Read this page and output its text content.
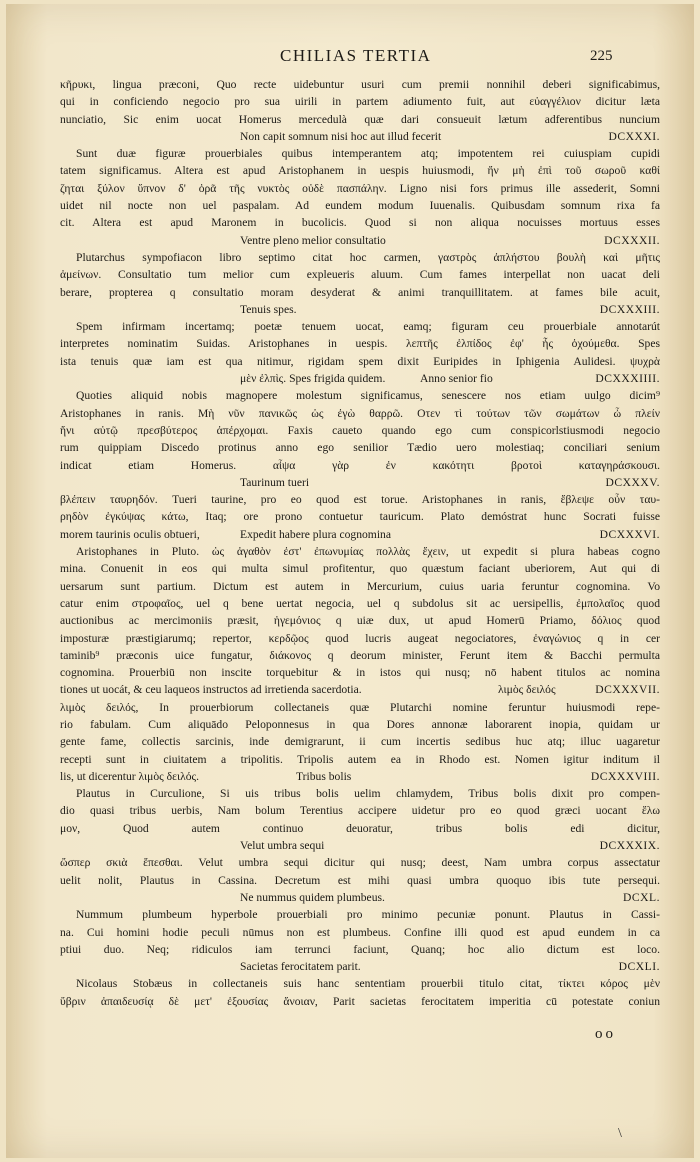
CHILIAS TERTIA	225
κῆρυκι, lingua præconi, Quo recte uidebuntur usuri cum premii nonnihil deberi significabimus,
qui in conficiendo negocio pro sua uirili in partem adiumento fuit, aut εὐαγγέλιον dicitur læta
nunciatio, Sic enim uocat Homerus mercedulà quæ dari consueuit lætum adferentibus nuncium
Non capit somnum nisi hoc aut illud fecerit	DCXXXI.
Sunt duæ figuræ prouerbiales quibus intemperantem atq; impotentem rei cuiuspiam cupidi
tatem significamus. Altera est apud Aristophanem in uespis huiusmodi, ἤν μὴ ἐπὶ τοῦ σωροῦ καθί
ζηται ξύλον ὕπνον δ' ὁρᾶ τῆς νυκτὸς οὐδὲ πασπάλην. Ligno nisi fors primus ille assederit, Somni
uidet nil nocte non uel paspalam. Ad eundem modum Iuuenalis. Quibusdam somnum rixa fa
cit. Altera est apud Maronem in bucolicis. Quod si non aliqua nocuisses mortuus esses
Ventre pleno melior consultatio	DCXXXII.
Plutarchus sympofiacon libro septimo citat hoc carmen, γαστρὸς ἀπλήστου βουλὴ καὶ μῆτις
ἀμείνων. Consultatio tum melior cum expleueris aluum. Cum fames interpellat non uacat deli
berare, propterea q consultatio moram desyderat & animi tranquillitatem. at fames bile acuit,
Tenuis spes.	DCXXXIII.
Spem infirmam incertamq; poetæ tenuem uocat, eamq; figuram ceu prouerbiale annotarút
interpretes nominatim Suidas. Aristophanes in uespis. λεπτῆς ἐλπίδος ἐφ' ἧς ὀχούμεθα. Spes
ista tenuis quæ iam est qua nitimur, rigidam spem dixit Euripides in Iphigenia Aulidesi. ψυχρὰ
μὲν ἐλπὶς. Spes frigida quidem.	Anno senior fio	DCXXXIIII.
Quoties aliquid nobis magnopere molestum significamus, senescere nos etiam uulgo dicim⁹
Aristophanes in ranis. Μὴ νῦν πανικῶς ὡς ἐγὼ θαρρῶ. Οτεν τὶ τούτων τῶν σωμάτων ὦ πλείν
ἤνι αὐτῷ πρεσβύτερος ἀπέρχομαι. Faxis caueto quando ego cum conspicorlstiusmodi negocio
rum quippiam Discedo protinus anno ego senilior Tædio uero molestiaq; conciliari senium
indicat etiam Homerus. αἶψα γὰρ ἐν κακότητι βροτοὶ καταγηράσκουσι.
Taurinum tueri	DCXXXV.
βλέπειν ταυρηδόν. Tueri taurine, pro eo quod est torue. Aristophanes in ranis, ἔβλεψε οὖν ταυ-
ρηδὸν ἐγκύψας κάτω, Itaq; ore prono contuetur tauricum. Plato demóstrat hunc Socrati fuisse
morem taurinis oculis obtueri,	Expedit habere plura cognomina	DCXXXVI.
Aristophanes in Pluto. ὡς ἀγαθὸν ἐστ' ἐπωνυμίας πολλὰς ἔχειν, ut expedit si plura habeas cogno
mina. Conuenit in eos qui multa simul profitentur, quo quæstum faciant uberiorem, Aut qui di
uersarum sunt partium. Dictum est autem in Mercurium, cuius uaria feruntur cognomina. Vo
catur enim στροφαῖος, uel q bene uertat negocia, uel q subdolus sit ac uersipellis, ἐμπολαῖος quod
auctionibus ac mercimoniis præsit, ἡγεμόνιος q uiæ dux, ut apud Homerū Priamo, δόλιος quod
imposturæ præstigiarumq; repertor, κερδῷος quod lucris augeat negociatores, ἐναγώνιος q in cer
taminib⁹ præconis uice fungatur, διάκονος q deorum minister, Ferunt item & Bacchi permulta
cognomina. Prouerbiū non inscite torquebitur & in istos qui nusq; nō habent titulos ac nomina
tiones ut uocát, & ceu laqueos instructos ad irretienda sacerdotia.	λιμὸς δειλός	DCXXXVII.
λιμὸς δειλός, In prouerbiorum collectaneis quæ Plutarchi nomine feruntur huiusmodi repe-
rio fabulam. Cum aliquādo Peloponnesus in qua Dores annonæ laborarent inopia, quidam ur
gente fame, collectis sarcinis, inde demigrarunt, ii cum incertis sedibus huc atq; illuc uagaretur
recepti sunt in ciuitatem a tripolitis. Tripolis autem ea in Rhodo est. Nomen igitur inditum il
lis, ut dicerentur λιμὸς δειλός.	Tribus bolis	DCXXXVIII.
Plautus in Curculione, Si uis tribus bolis uelim chlamydem, Tribus bolis dixit pro compen-
dio quasi tribus uerbis, Nam bolum Terentius accipere uidetur pro eo quod græci uocant ἕλω
μον, Quod autem continuo deuoratur, tribus bolis edi dicitur,
Velut umbra sequi	DCXXXIX.
ὥσπερ σκιὰ ἕπεσθαι. Velut umbra sequi dicitur qui nusq; deest, Nam umbra corpus assectatur
uelit nolit, Plautus in Cassina. Decretum est mihi quasi umbra quoquo ibis tute persequi.
Ne nummus quidem plumbeus.	DCXL.
Nummum plumbeum hyperbole prouerbiali pro minimo pecuniæ ponunt. Plautus in Cassi-
na. Cui homini hodie peculi nūmus non est plumbeus. Confine illi quod est apud eundem in ca
ptiui duo. Neq; ridiculos iam terrunci faciunt, Quanq; hoc alio dictum est loco.
Sacietas ferocitatem parit.	DCXLI.
Nicolaus Stobæus in collectaneis suis hanc sententiam prouerbii titulo citat, τίκτει κόρος μὲν
ὕβριν ἀπαιδευσίᾳ δὲ μετ' ἐξουσίας ἄνοιαν, Parit sacietas ferocitatem imperitia cū potestate coniun
οο
\
